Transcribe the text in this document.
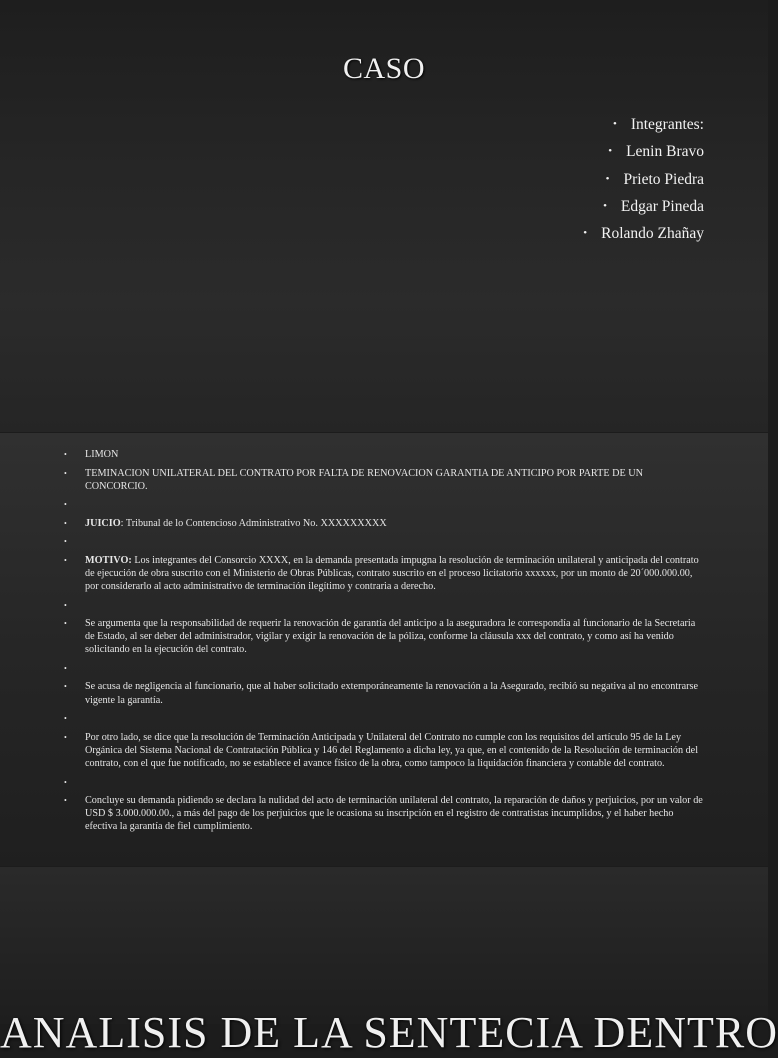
CASO
• Integrantes:
• Lenin Bravo
• Prieto Piedra
• Edgar Pineda
• Rolando Zhañay
• LIMON
• TEMINACION UNILATERAL DEL CONTRATO POR FALTA DE RENOVACION GARANTIA DE ANTICIPO POR PARTE DE UN CONCORCIO.
•
• JUICIO: Tribunal de lo Contencioso Administrativo No. XXXXXXXXX
•
• MOTIVO: Los integrantes del Consorcio XXXX, en la demanda presentada impugna la resolución de terminación unilateral y anticipada del contrato de ejecución de obra suscrito con el Ministerio de Obras Públicas, contrato suscrito en el proceso licitatorio xxxxxx, por un monto de 20´000.000.00, por considerarlo al acto administrativo de terminación ilegítimo y contraria a derecho.
•
• Se argumenta que la responsabilidad de requerir la renovación de garantía del anticipo a la aseguradora le correspondía al funcionario de la Secretaria de Estado, al ser deber del administrador, vigilar y exigir la renovación de la póliza, conforme la cláusula xxx del contrato, y como así ha venido solicitando en la ejecución del contrato.
•
• Se acusa de negligencia al funcionario, que al haber solicitado extemporáneamente la renovación a la Asegurado, recibió su negativa al no encontrarse vigente la garantía.
•
• Por otro lado, se dice que la resolución de Terminación Anticipada y Unilateral del Contrato no cumple con los requisitos del artículo 95 de la Ley Orgánica del Sistema Nacional de Contratación Pública y 146 del Reglamento a dicha ley, ya que, en el contenido de la Resolución de terminación del contrato, con el que fue notificado, no se establece el avance físico de la obra, como tampoco la liquidación financiera y contable del contrato.
•
• Concluye su demanda pidiendo se declara la nulidad del acto de terminación unilateral del contrato, la reparación de daños y perjuicios, por un valor de USD $ 3.000.000.00., a más del pago de los perjuicios que le ocasiona su inscripción en el registro de contratistas incumplidos, y el haber hecho efectiva la garantía de fiel cumplimiento.
ANALISIS DE LA SENTECIA DENTRO
